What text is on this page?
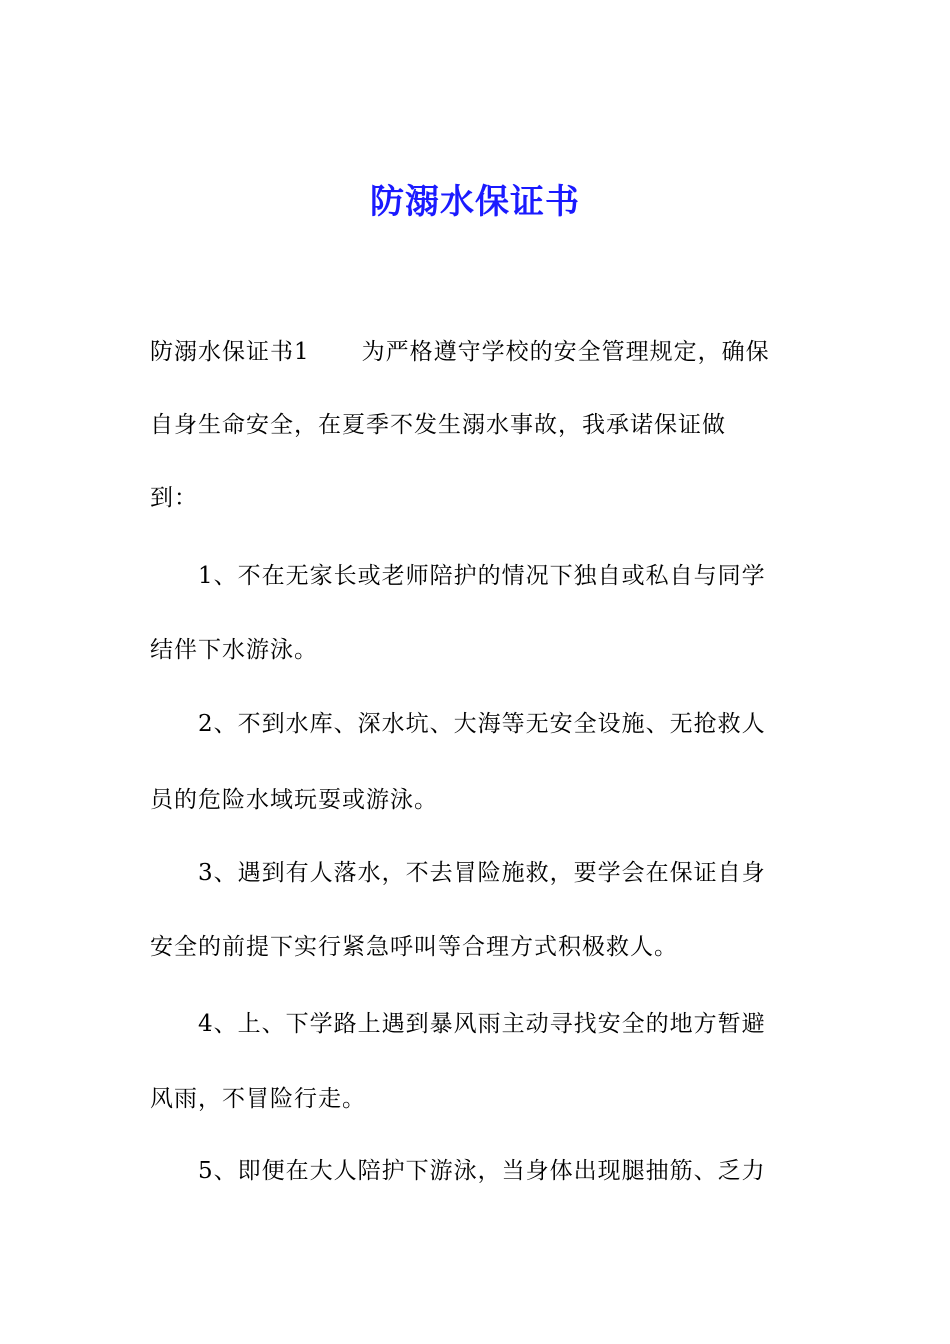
防溺水保证书
防溺水保证书1 为严格遵守学校的安全管理规定，确保
自身生命安全，在夏季不发生溺水事故，我承诺保证做
到：
1、不在无家长或老师陪护的情况下独自或私自与同学
结伴下水游泳。
2、不到水库、深水坑、大海等无安全设施、无抢救人
员的危险水域玩耍或游泳。
3、遇到有人落水，不去冒险施救，要学会在保证自身
安全的前提下实行紧急呼叫等合理方式积极救人。
4、上、下学路上遇到暴风雨主动寻找安全的地方暂避
风雨，不冒险行走。
5、即便在大人陪护下游泳，当身体出现腿抽筋、乏力
